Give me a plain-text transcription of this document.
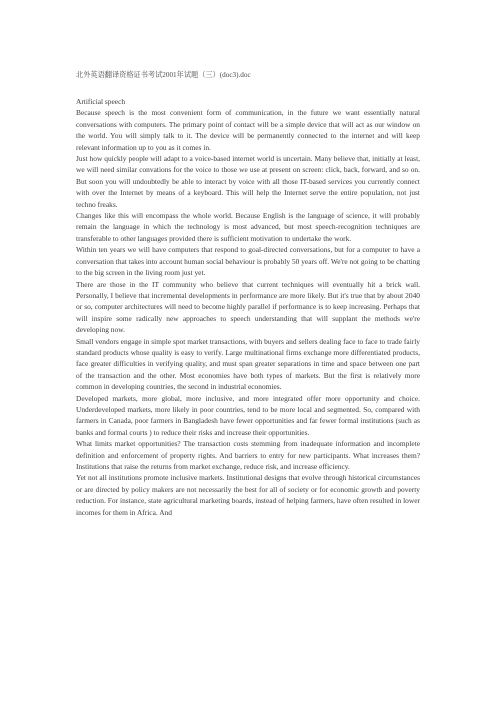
北外英语翻译资格证书考试2001年试题（三）(doc3).doc

Artificial speech

Because speech is the most convenient form of communication, in the future we want essentially natural conversations with computers. The primary point of contact will be a simple device that will act as our window on the world. You will simply talk to it. The device will be permanently connected to the internet and will keep relevant information up to you as it comes in.

Just how quickly people will adapt to a voice-based internet world is uncertain. Many believe that, initially at least, we will need similar convations for the voice to those we use at present on screen: click, back, forward, and so on. But soon you will undoubtedly be able to interact by voice with all those IT-based services you currently connect with over the Internet by means of a keyboard. This will help the Internet serve the entire population, not just techno freaks.

Changes like this will encompass the whole world. Because English is the language of science, it will probably remain the language in which the technology is most advanced, but most speech-recognition techniques are transferable to other languages provided there is sufficient motivation to undertake the work.

Within ten years we will have computers that respond to goal-directed conversations, but for a computer to have a conversation that takes into account human social behaviour is probably 50 years off. We're not going to be chatting to the big screen in the living room just yet.

There are those in the IT community who believe that current techniques will eventually hit a brick wall. Personally, I believe that incremental developments in performance are more likely. But it's true that by about 2040 or so, computer architectures will need to become highly parallel if performance is to keep increasing. Perhaps that will inspire some radically new approaches to speech understanding that will supplant the methods we're developing now.

Small vendors engage in simple spot market transactions, with buyers and sellers dealing face to face to trade fairly standard products whose quality is easy to verify. Large multinational firms exchange more differentiated products, face greater difficulties in verifying quality, and must span greater separations in time and space between one part of the transaction and the other. Most economies have both types of markets. But the first is relatively more common in developing countries, the second in industrial economies.

Developed markets, more global, more inclusive, and more integrated offer more opportunity and choice. Underdeveloped markets, more likely in poor countries, tend to be more local and segmented. So, compared with farmers in Canada, poor farmers in Bangladesh have fewer opportunities and far fewer formal institutions (such as banks and formal courts ) to reduce their risks and increase their opportunities.

What limits market opportunities? The transaction costs stemming from inadequate information and incomplete definition and enforcement of property rights. And barriers to entry for new participants. What increases them? Institutions that raise the returns from market exchange, reduce risk, and increase efficiency.

Yet not all institutions promote inclusive markets. Institutional designs that evolve through historical circumstances or are directed by policy makers are not necessarily the best for all of society or for economic growth and poverty reduction. For instance, state agricultural marketing boards, instead of helping farmers, have often resulted in lower incomes for them in Africa. And
